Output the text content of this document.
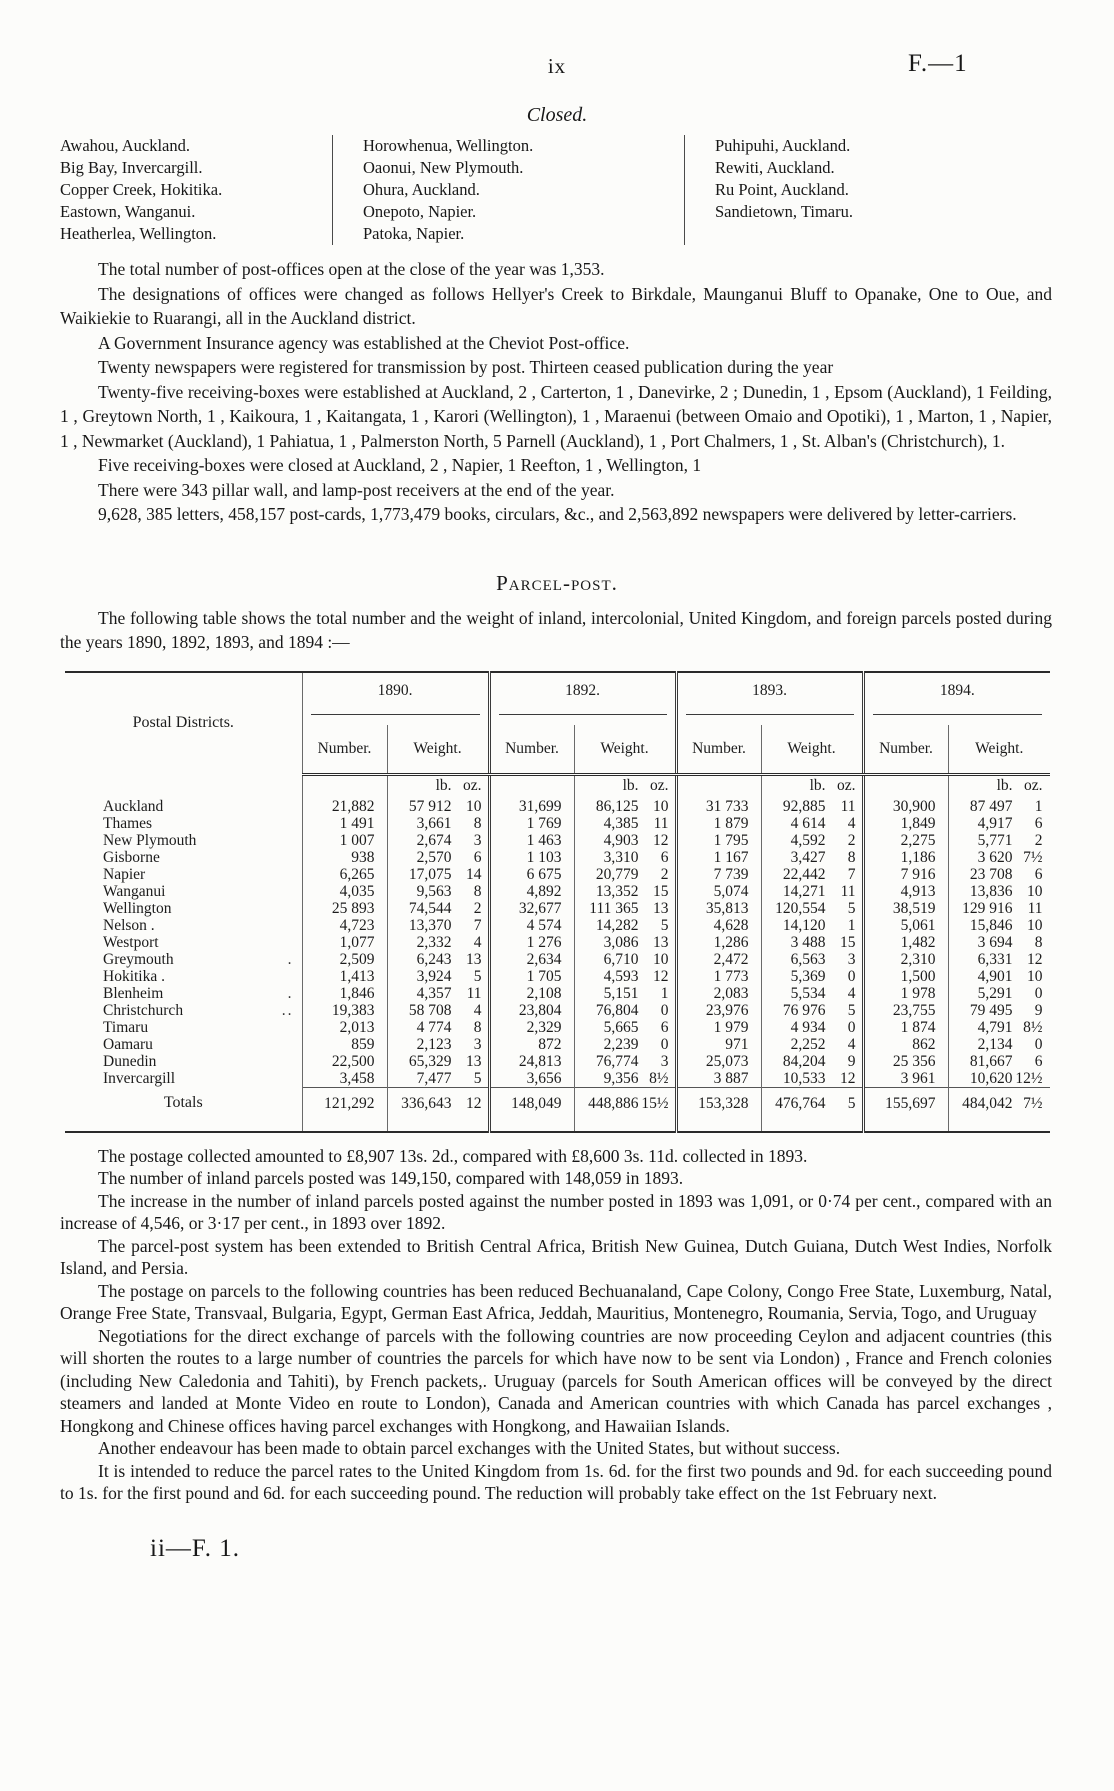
ix	F.—1
Closed.
Awahou, Auckland.
Big Bay, Invercargill.
Copper Creek, Hokitika.
Eastown, Wanganui.
Heatherlea, Wellington.
Horowhenua, Wellington.
Oaonui, New Plymouth.
Ohura, Auckland.
Onepoto, Napier.
Patoka, Napier.
Puhipuhi, Auckland.
Rewiti, Auckland.
Ru Point, Auckland.
Sandietown, Timaru.

The total number of post-offices open at the close of the year was 1,353.

The designations of offices were changed as follows Hellyer's Creek to Birkdale, Maunganui Bluff to Opanake, One to Oue, and Waikiekie to Ruarangi, all in the Auckland district.

A Government Insurance agency was established at the Cheviot Post-office.

Twenty newspapers were registered for transmission by post. Thirteen ceased publication during the year

Twenty-five receiving-boxes were established at Auckland, 2 , Carterton, 1 , Danevirke, 2 ; Dunedin, 1 , Epsom (Auckland), 1 Feilding, 1 , Greytown North, 1 , Kaikoura, 1 , Kaitangata, 1 , Karori (Wellington), 1 , Maraenui (between Omaio and Opotiki), 1 , Marton, 1 , Napier, 1 , Newmarket (Auckland), 1 Pahiatua, 1 , Palmerston North, 5 Parnell (Auckland), 1 , Port Chalmers, 1 , St. Alban's (Christchurch), 1.

Five receiving-boxes were closed at Auckland, 2 , Napier, 1 Reefton, 1 , Wellington, 1

There were 343 pillar wall, and lamp-post receivers at the end of the year.

9,628, 385 letters, 458,157 post-cards, 1,773,479 books, circulars, &c., and 2,563,892 newspapers were delivered by letter-carriers.

Parcel-post.
The following table shows the total number and the weight of inland, intercolonial, United Kingdom, and foreign parcels posted during the years 1890, 1892, 1893, and 1894 :—
Postal Districts.	1890.		1892.		1893.		1894.	

	Number.	Weight.	Number.	Weight.	Number.	Weight.	Number.	Weight.
		lb. oz.		lb. oz.		lb. oz.		lb. oz.
Auckland	21,882	57 912 10	31,699	86,125 10	31 733	92,885 11	30,900	87 497 1
Thames	1 491	3,661 8	1 769	4,385 11	1 879	4 614 4	1,849	4,917 6
New Plymouth	1 007	2,674 3	1 463	4,903 12	1 795	4,592 2	2,275	5,771 2
Gisborne	938	2,570 6	1 103	3,310 6	1 167	3,427 8	1,186	3 620 7½
Napier	6,265	17,075 14	6 675	20,779 2	7 739	22,442 7	7 916	23 708 6
Wanganui	4,035	9,563 8	4,892	13,352 15	5,074	14,271 11	4,913	13,836 10
Wellington	25 893	74,544 2	32,677	111 365 13	35,813	120,554 5	38,519	129 916 11
Nelson .	4,723	13,370 7	4 574	14,282 5	4,628	14,120 1	5,061	15,846 10
Westport	1,077	2,332 4	1 276	3,086 13	1,286	3 488 15	1,482	3 694 8
Greymouth .	2,509	6,243 13	2,634	6,710 10	2,472	6,563 3	2,310	6,331 12
Hokitika .	1,413	3,924 5	1 705	4,593 12	1 773	5,369 0	1,500	4,901 10
Blenheim .	1,846	4,357 11	2,108	5,151 1	2,083	5,534 4	1 978	5,291 0
Christchurch ..	19,383	58 708 4	23,804	76,804 0	23,976	76 976 5	23,755	79 495 9
Timaru	2,013	4 774 8	2,329	5,665 6	1 979	4 934 0	1 874	4,791 8½
Oamaru	859	2,123 3	872	2,239 0	971	2,252 4	862	2,134 0
Dunedin	22,500	65,329 13	24,813	76,774 3	25,073	84,204 9	25 356	81,667 6
Invercargill	3,458	7,477 5	3,656	9,356 8½	3 887	10,533 12	3 961	10,620 12½
Totals	121,292	336,643 12	148,049	448,886 15½	153,328	476,764 5	155,697	484,042 7½

The postage collected amounted to £8,907 13s. 2d., compared with £8,600 3s. 11d. collected in 1893.

The number of inland parcels posted was 149,150, compared with 148,059 in 1893.

The increase in the number of inland parcels posted against the number posted in 1893 was 1,091, or 0·74 per cent., compared with an increase of 4,546, or 3·17 per cent., in 1893 over 1892.

The parcel-post system has been extended to British Central Africa, British New Guinea, Dutch Guiana, Dutch West Indies, Norfolk Island, and Persia.

The postage on parcels to the following countries has been reduced Bechuanaland, Cape Colony, Congo Free State, Luxemburg, Natal, Orange Free State, Transvaal, Bulgaria, Egypt, German East Africa, Jeddah, Mauritius, Montenegro, Roumania, Servia, Togo, and Uruguay

Negotiations for the direct exchange of parcels with the following countries are now proceeding Ceylon and adjacent countries (this will shorten the routes to a large number of countries the parcels for which have now to be sent via London) , France and French colonies (including New Caledonia and Tahiti), by French packets,. Uruguay (parcels for South American offices will be conveyed by the direct steamers and landed at Monte Video en route to London), Canada and American countries with which Canada has parcel exchanges , Hongkong and Chinese offices having parcel exchanges with Hongkong, and Hawaiian Islands.

Another endeavour has been made to obtain parcel exchanges with the United States, but without success.

It is intended to reduce the parcel rates to the United Kingdom from 1s. 6d. for the first two pounds and 9d. for each succeeding pound to 1s. for the first pound and 6d. for each succeeding pound. The reduction will probably take effect on the 1st February next.

ii—F. 1.
